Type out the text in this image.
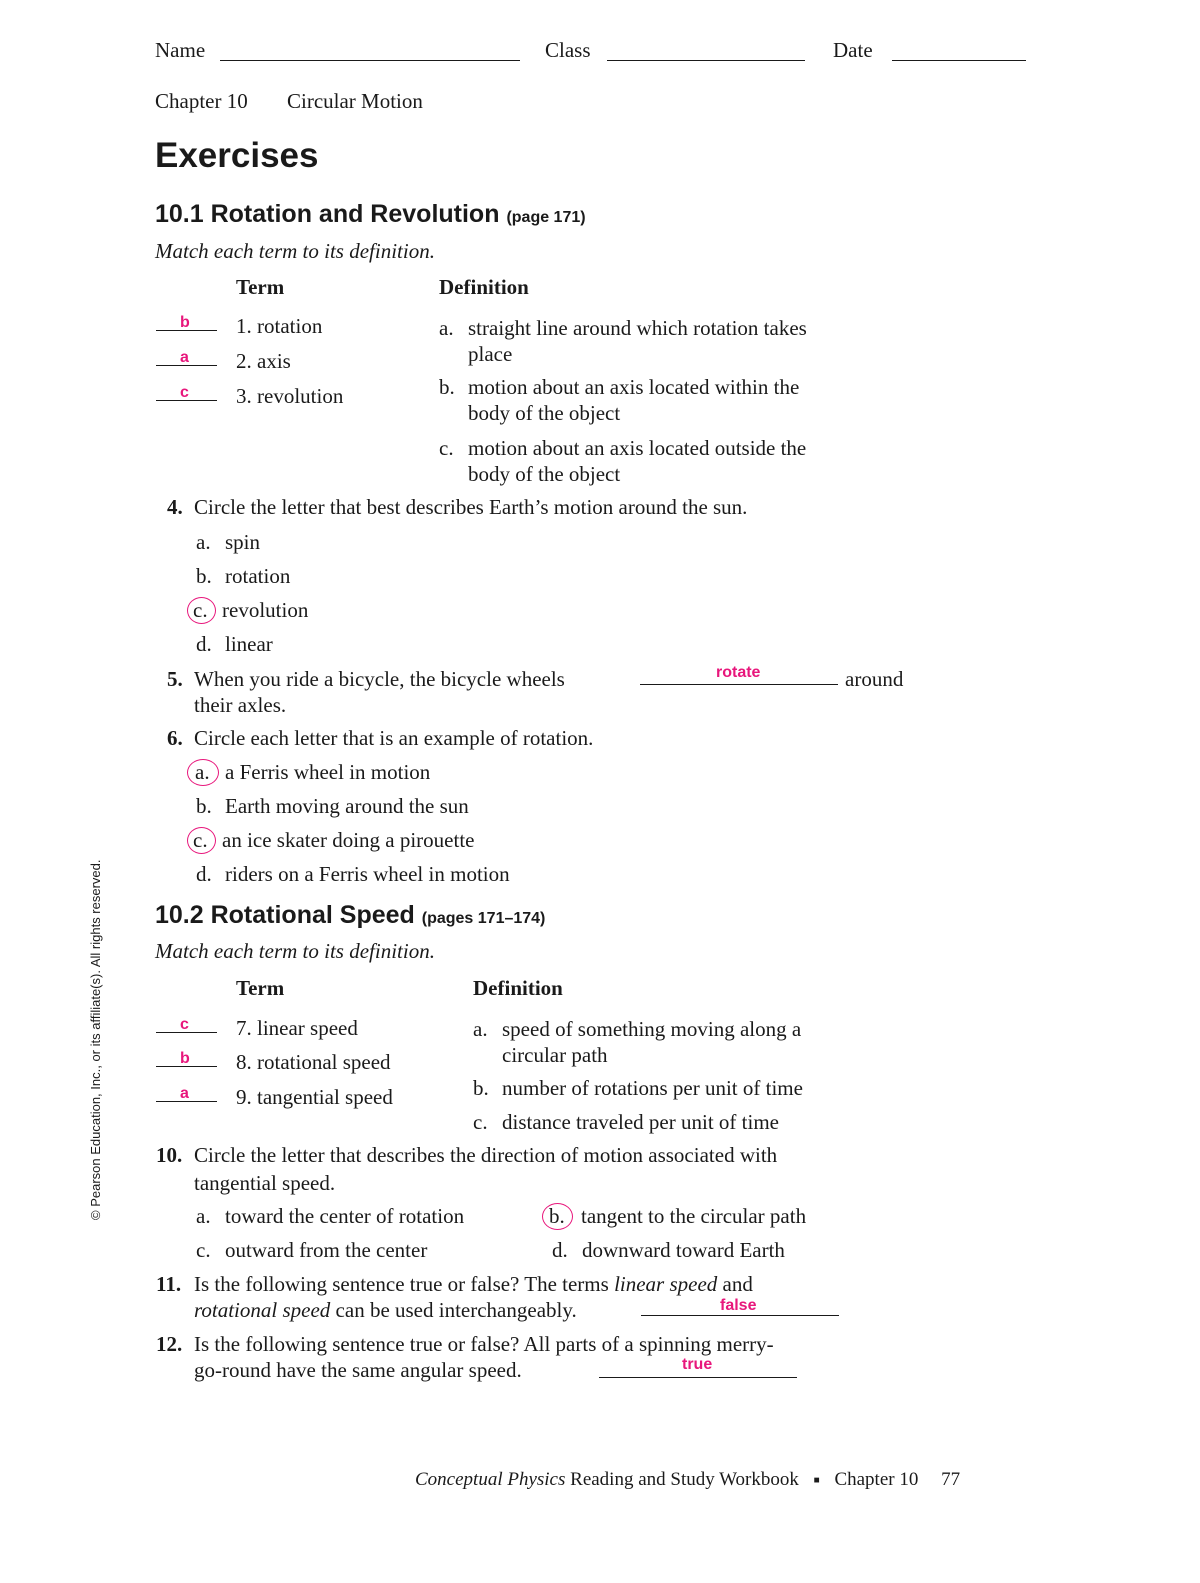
Name	Class	Date
Chapter 10 Circular Motion
Exercises
10.1 Rotation and Revolution (page 171)
Match each term to its definition.
Term	Definition
b 1. rotation
a 2. axis
c 3. revolution
a. straight line around which rotation takes
place
b. motion about an axis located within the
body of the object
c. motion about an axis located outside the
body of the object
4. Circle the letter that best describes Earth’s motion around the sun.
a. spin
b. rotation
c. revolution
d. linear
5. When you ride a bicycle, the bicycle wheels	rotate	around
their axles.
6. Circle each letter that is an example of rotation.
a. a Ferris wheel in motion
b. Earth moving around the sun
c. an ice skater doing a pirouette
d. riders on a Ferris wheel in motion
10.2 Rotational Speed (pages 171–174)
Match each term to its definition.
Term	Definition
c 7. linear speed
b 8. rotational speed
a 9. tangential speed
a. speed of something moving along a
circular path
b. number of rotations per unit of time
c. distance traveled per unit of time
10. Circle the letter that describes the direction of motion associated with
tangential speed.
a. toward the center of rotation	b. tangent to the circular path
c. outward from the center	d. downward toward Earth
11. Is the following sentence true or false? The terms linear speed and
rotational speed can be used interchangeably.	false
12. Is the following sentence true or false? All parts of a spinning merry-
go-round have the same angular speed.	true
© Pearson Education, Inc., or its affiliate(s). All rights reserved.
Conceptual Physics Reading and Study Workbook ■ Chapter 10 77
